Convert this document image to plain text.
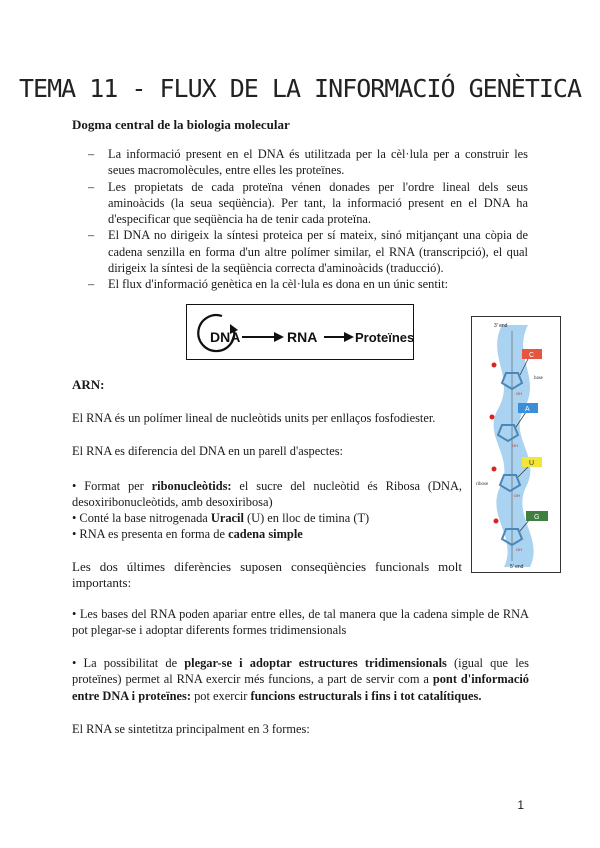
TEMA 11 - FLUX DE LA INFORMACIÓ GENÈTICA
Dogma central de la biologia molecular
– La informació present en el DNA és utilitzada per la cèl·lula per a construir les seues macromolècules, entre elles les proteïnes.
– Les propietats de cada proteïna vénen donades per l'ordre lineal dels seus aminoàcids (la seua seqüència). Per tant, la informació present en el DNA ha d'especificar que seqüència ha de tenir cada proteïna.
– El DNA no dirigeix la síntesi proteica per sí mateix, sinó mitjançant una còpia de cadena senzilla en forma d'un altre polímer similar, el RNA (transcripció), el qual dirigeix la síntesi de la seqüència correcta d'aminoàcids (traducció).
– El flux d'informació genètica en la cèl·lula es dona en un únic sentit:
DNA	RNA	Proteïnes
ARN:
El RNA és un polímer lineal de nucleòtids units per enllaços fosfodiester.
El RNA es diferencia del DNA en un parell d'aspectes:
• Format per ribonucleòtids: el sucre del nucleòtid és Ribosa (DNA, desoxiribonucleòtids, amb desoxiribosa)
• Conté la base nitrogenada Uracil (U) en lloc de timina (T)
• RNA es presenta en forma de cadena simple
Les dos últimes diferències suposen conseqüències funcionals molt importants:
• Les bases del RNA poden apariar entre elles, de tal manera que la cadena simple de RNA pot plegar-se i adoptar diferents formes tridimensionals
• La possibilitat de plegar-se i adoptar estructures tridimensionals (igual que les proteïnes) permet al RNA exercir més funcions, a part de servir com a pont d'informació entre DNA i proteïnes: pot exercir funcions estructurals i fins i tot catalítiques.
El RNA se sintetitza principalment en 3 formes:
3' end
5' end
OH
OH
OH
OH
C
A
U
G
base
ribose
1
